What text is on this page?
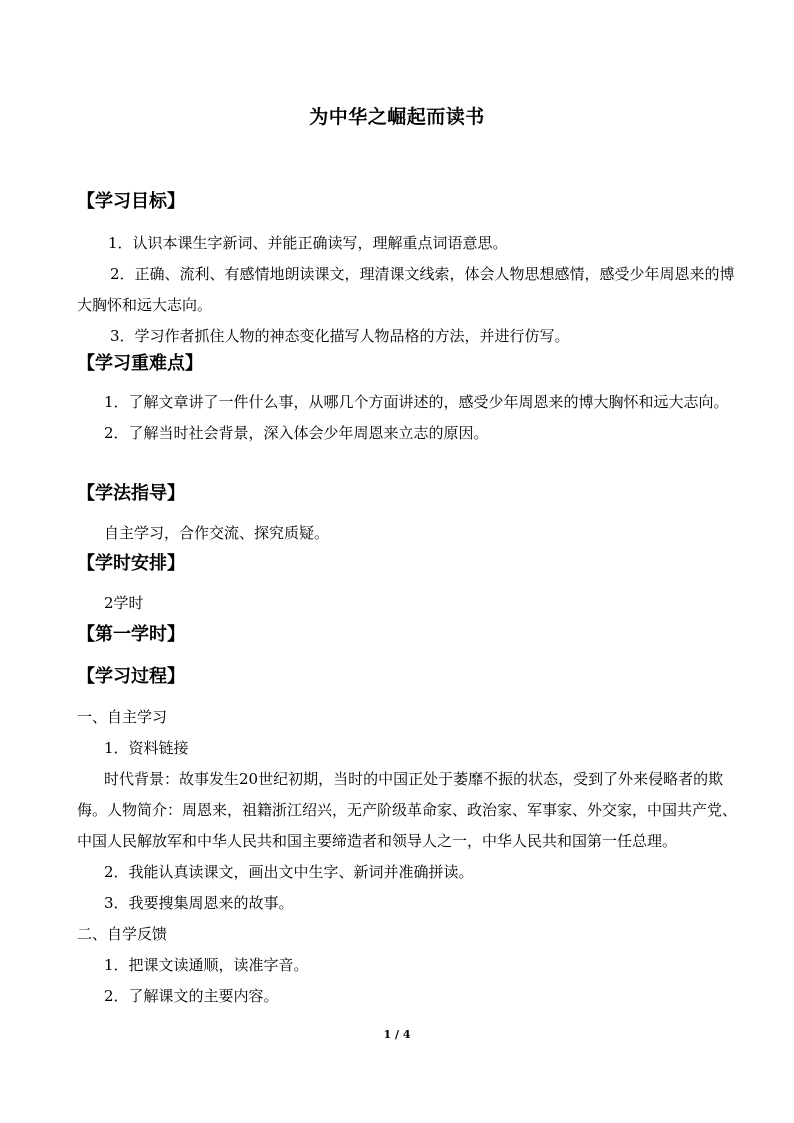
为中华之崛起而读书
【学习目标】
1．认识本课生字新词、并能正确读写，理解重点词语意思。
2．正确、流利、有感情地朗读课文，理清课文线索，体会人物思想感情，感受少年周恩来的博大胸怀和远大志向。
3．学习作者抓住人物的神态变化描写人物品格的方法，并进行仿写。
【学习重难点】
1．了解文章讲了一件什么事，从哪几个方面讲述的，感受少年周恩来的博大胸怀和远大志向。
2．了解当时社会背景，深入体会少年周恩来立志的原因。
【学法指导】
自主学习，合作交流、探究质疑。
【学时安排】
2学时
【第一学时】
【学习过程】
一、自主学习
1．资料链接
时代背景：故事发生20世纪初期，当时的中国正处于萎靡不振的状态，受到了外来侵略者的欺侮。人物简介：周恩来，祖籍浙江绍兴，无产阶级革命家、政治家、军事家、外交家，中国共产党、中国人民解放军和中华人民共和国主要缔造者和领导人之一，中华人民共和国第一任总理。
2．我能认真读课文，画出文中生字、新词并准确拼读。
3．我要搜集周恩来的故事。
二、自学反馈
1．把课文读通顺，读准字音。
2．了解课文的主要内容。
1 / 4
